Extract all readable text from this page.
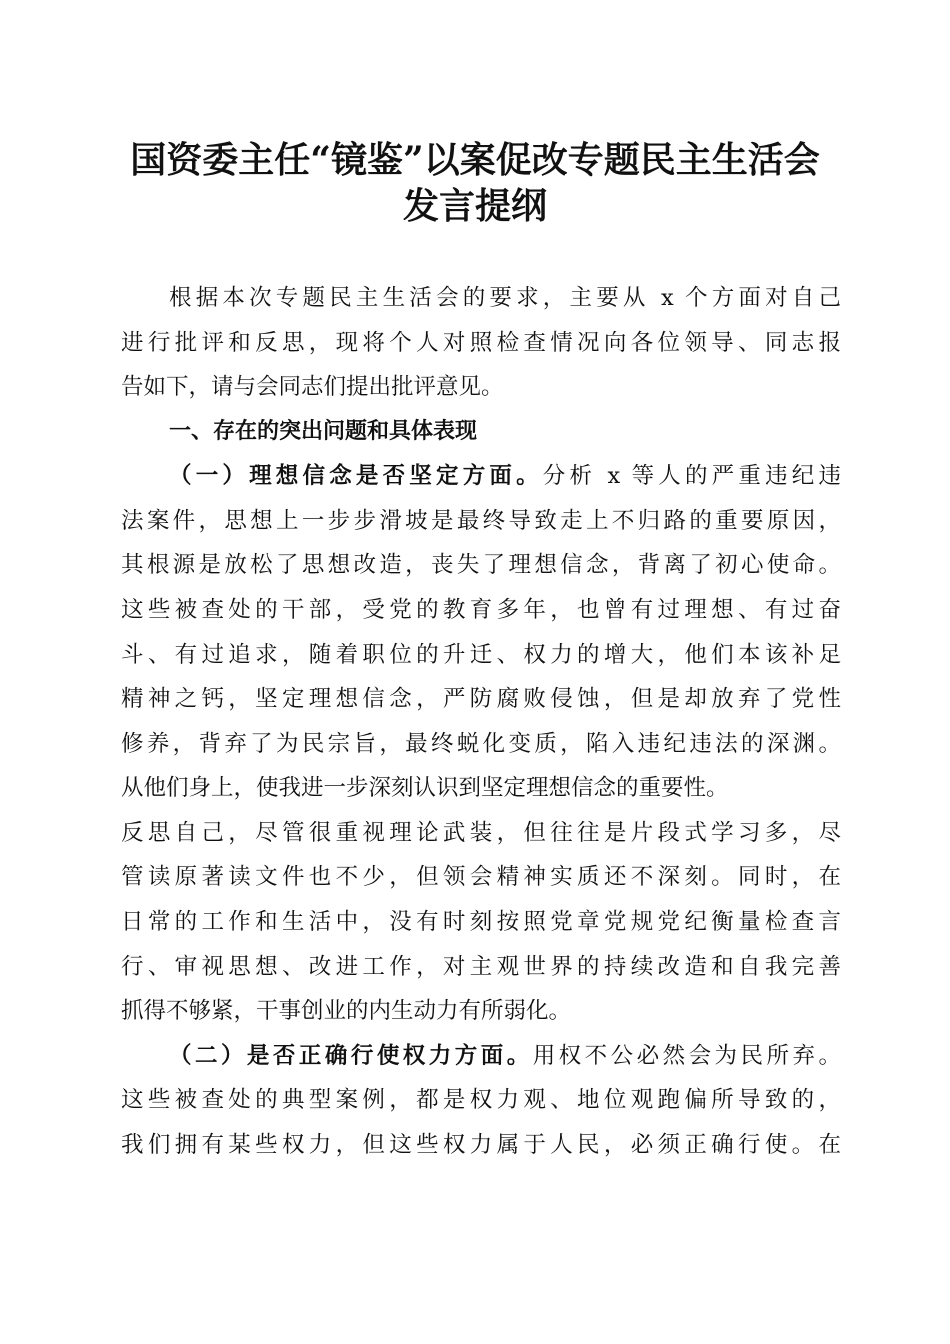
国资委主任“镜鉴”以案促改专题民主生活会
发言提纲
根据本次专题民主生活会的要求，主要从 x 个方面对自己
进行批评和反思，现将个人对照检查情况向各位领导、同志报
告如下，请与会同志们提出批评意见。
一、存在的突出问题和具体表现
（一）理想信念是否坚定方面。分析 x 等人的严重违纪违
法案件，思想上一步步滑坡是最终导致走上不归路的重要原因，
其根源是放松了思想改造，丧失了理想信念，背离了初心使命。
这些被查处的干部，受党的教育多年，也曾有过理想、有过奋
斗、有过追求，随着职位的升迁、权力的增大，他们本该补足
精神之钙，坚定理想信念，严防腐败侵蚀，但是却放弃了党性
修养，背弃了为民宗旨，最终蜕化变质，陷入违纪违法的深渊。
从他们身上，使我进一步深刻认识到坚定理想信念的重要性。
反思自己，尽管很重视理论武装，但往往是片段式学习多，尽
管读原著读文件也不少，但领会精神实质还不深刻。同时，在
日常的工作和生活中，没有时刻按照党章党规党纪衡量检查言
行、审视思想、改进工作，对主观世界的持续改造和自我完善
抓得不够紧，干事创业的内生动力有所弱化。
（二）是否正确行使权力方面。用权不公必然会为民所弃。
这些被查处的典型案例，都是权力观、地位观跑偏所导致的，
我们拥有某些权力，但这些权力属于人民，必须正确行使。在
